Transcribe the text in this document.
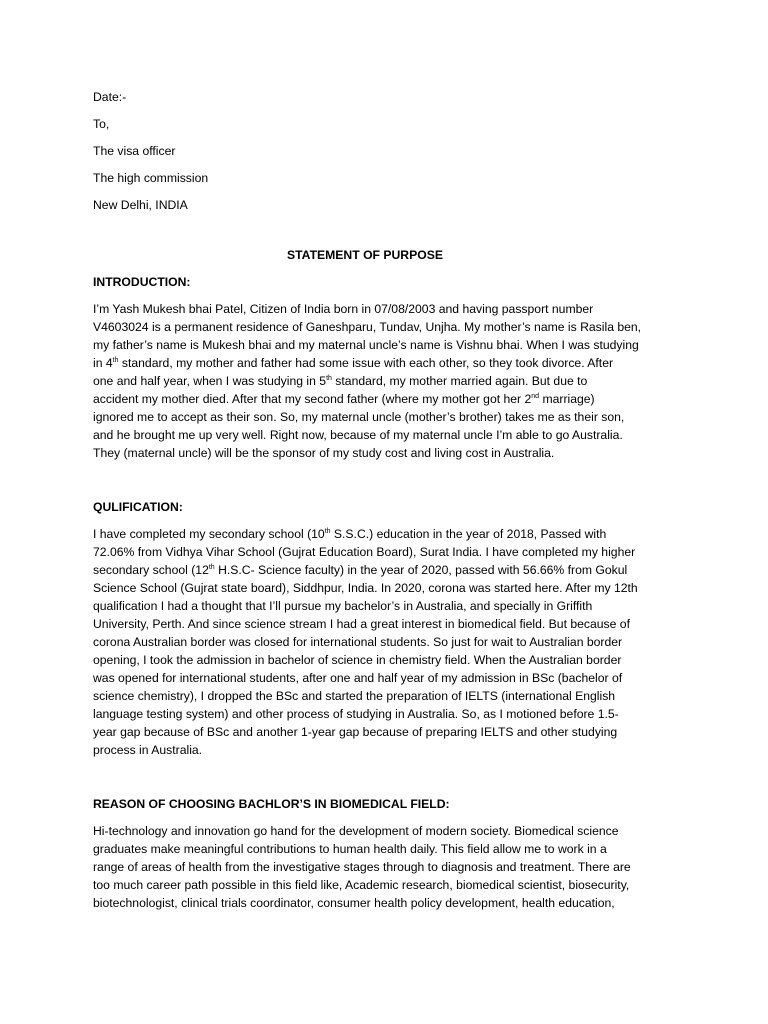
Date:-
To,
The visa officer
The high commission
New Delhi, INDIA
STATEMENT OF PURPOSE
INTRODUCTION:
I’m Yash Mukesh bhai Patel, Citizen of India born in 07/08/2003 and having passport number
V4603024 is a permanent residence of Ganeshparu, Tundav, Unjha. My mother’s name is Rasila ben,
my father’s name is Mukesh bhai and my maternal uncle’s name is Vishnu bhai. When I was studying
in 4th standard, my mother and father had some issue with each other, so they took divorce. After
one and half year, when I was studying in 5th standard, my mother married again. But due to
accident my mother died. After that my second father (where my mother got her 2nd marriage)
ignored me to accept as their son. So, my maternal uncle (mother’s brother) takes me as their son,
and he brought me up very well. Right now, because of my maternal uncle I’m able to go Australia.
They (maternal uncle) will be the sponsor of my study cost and living cost in Australia.
QULIFICATION:
I have completed my secondary school (10th S.S.C.) education in the year of 2018, Passed with
72.06% from Vidhya Vihar School (Gujrat Education Board), Surat India. I have completed my higher
secondary school (12th H.S.C- Science faculty) in the year of 2020, passed with 56.66% from Gokul
Science School (Gujrat state board), Siddhpur, India. In 2020, corona was started here. After my 12th
qualification I had a thought that I’ll pursue my bachelor’s in Australia, and specially in Griffith
University, Perth. And since science stream I had a great interest in biomedical field. But because of
corona Australian border was closed for international students. So just for wait to Australian border
opening, I took the admission in bachelor of science in chemistry field. When the Australian border
was opened for international students, after one and half year of my admission in BSc (bachelor of
science chemistry), I dropped the BSc and started the preparation of IELTS (international English
language testing system) and other process of studying in Australia. So, as I motioned before 1.5-
year gap because of BSc and another 1-year gap because of preparing IELTS and other studying
process in Australia.
REASON OF CHOOSING BACHLOR’S IN BIOMEDICAL FIELD:
Hi-technology and innovation go hand for the development of modern society. Biomedical science
graduates make meaningful contributions to human health daily. This field allow me to work in a
range of areas of health from the investigative stages through to diagnosis and treatment. There are
too much career path possible in this field like, Academic research, biomedical scientist, biosecurity,
biotechnologist, clinical trials coordinator, consumer health policy development, health education,
